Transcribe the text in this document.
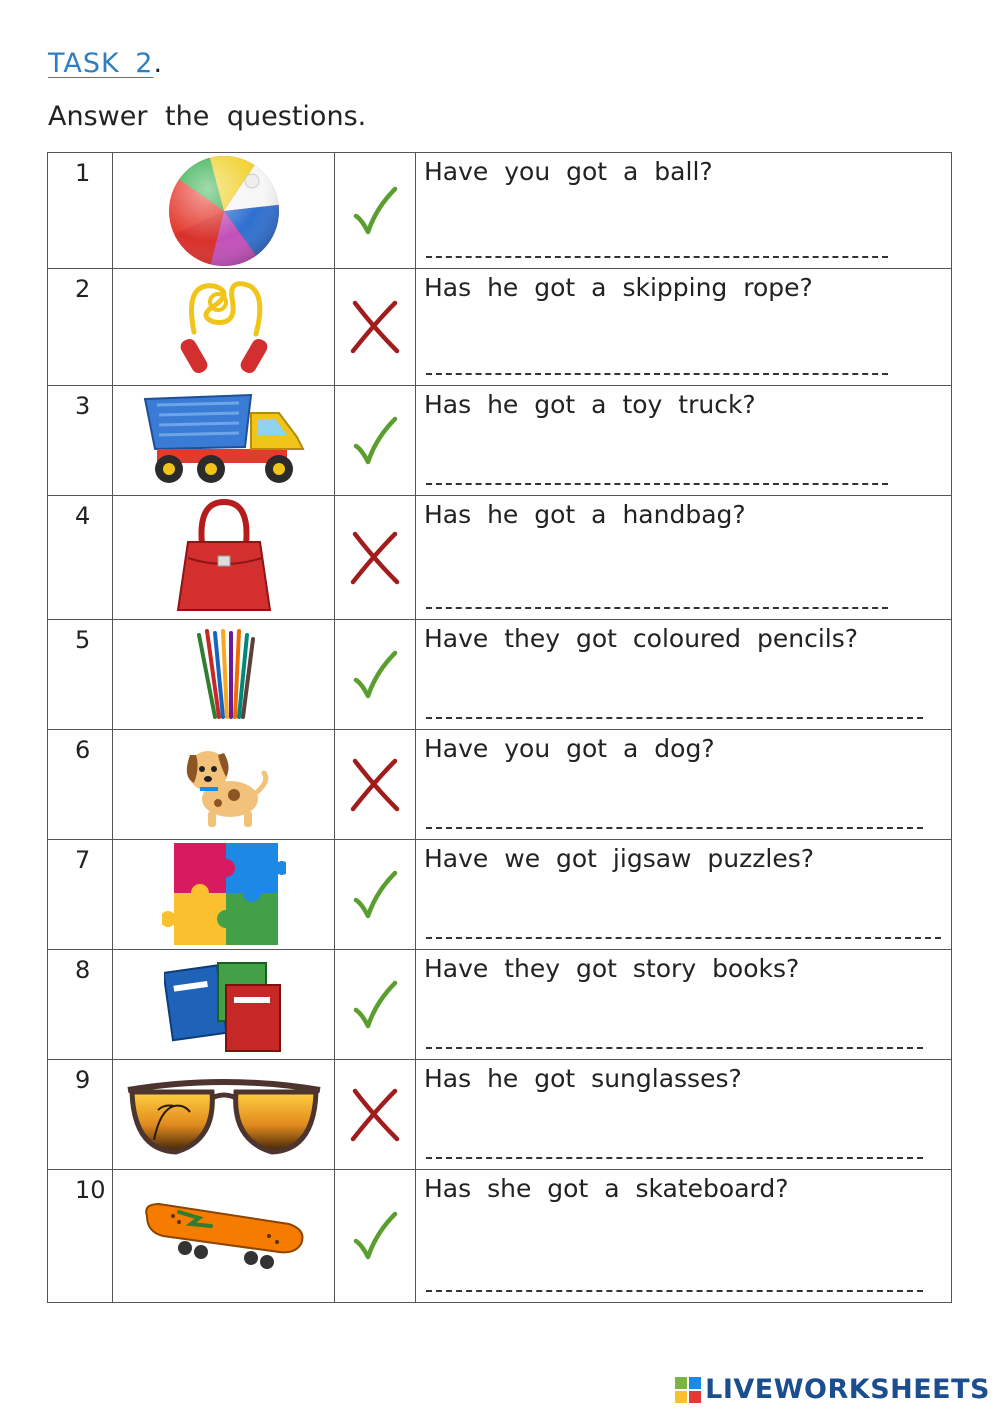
TASK 2.
Answer the questions.
1			Have you got a ball?

2			Has he got a skipping rope?

3			Has he got a toy truck?

4			Has he got a handbag?

5			Have they got coloured pencils?

6			Have you got a dog?

7			Have we got jigsaw puzzles?

8			Have they got story books?

9			Has he got sunglasses?

10			Has she got a skateboard?
LIVEWORKSHEETS
